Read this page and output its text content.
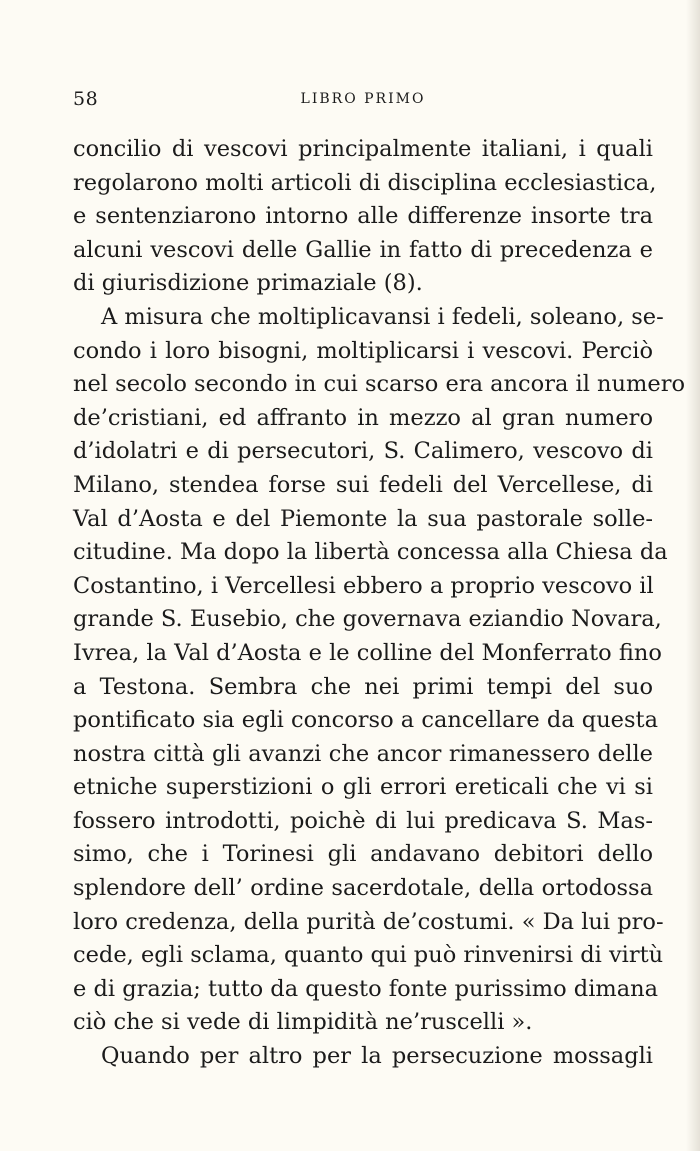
58	LIBRO PRIMO
concilio di vescovi principalmente italiani, i quali
regolarono molti articoli di disciplina ecclesiastica,
e sentenziarono intorno alle differenze insorte tra
alcuni vescovi delle Gallie in fatto di precedenza e
di giurisdizione primaziale (8).
A misura che moltiplicavansi i fedeli, soleano, se-
condo i loro bisogni, moltiplicarsi i vescovi. Perciò
nel secolo secondo in cui scarso era ancora il numero
de’cristiani, ed affranto in mezzo al gran numero
d’idolatri e di persecutori, S. Calimero, vescovo di
Milano, stendea forse sui fedeli del Vercellese, di
Val d’Aosta e del Piemonte la sua pastorale solle-
citudine. Ma dopo la libertà concessa alla Chiesa da
Costantino, i Vercellesi ebbero a proprio vescovo il
grande S. Eusebio, che governava eziandio Novara,
Ivrea, la Val d’Aosta e le colline del Monferrato fino
a Testona. Sembra che nei primi tempi del suo
pontificato sia egli concorso a cancellare da questa
nostra città gli avanzi che ancor rimanessero delle
etniche superstizioni o gli errori ereticali che vi si
fossero introdotti, poichè di lui predicava S. Mas-
simo, che i Torinesi gli andavano debitori dello
splendore dell’ ordine sacerdotale, della ortodossa
loro credenza, della purità de’costumi. « Da lui pro-
cede, egli sclama, quanto qui può rinvenirsi di virtù
e di grazia; tutto da questo fonte purissimo dimana
ciò che si vede di limpidità ne’ruscelli ».
Quando per altro per la persecuzione mossagli
